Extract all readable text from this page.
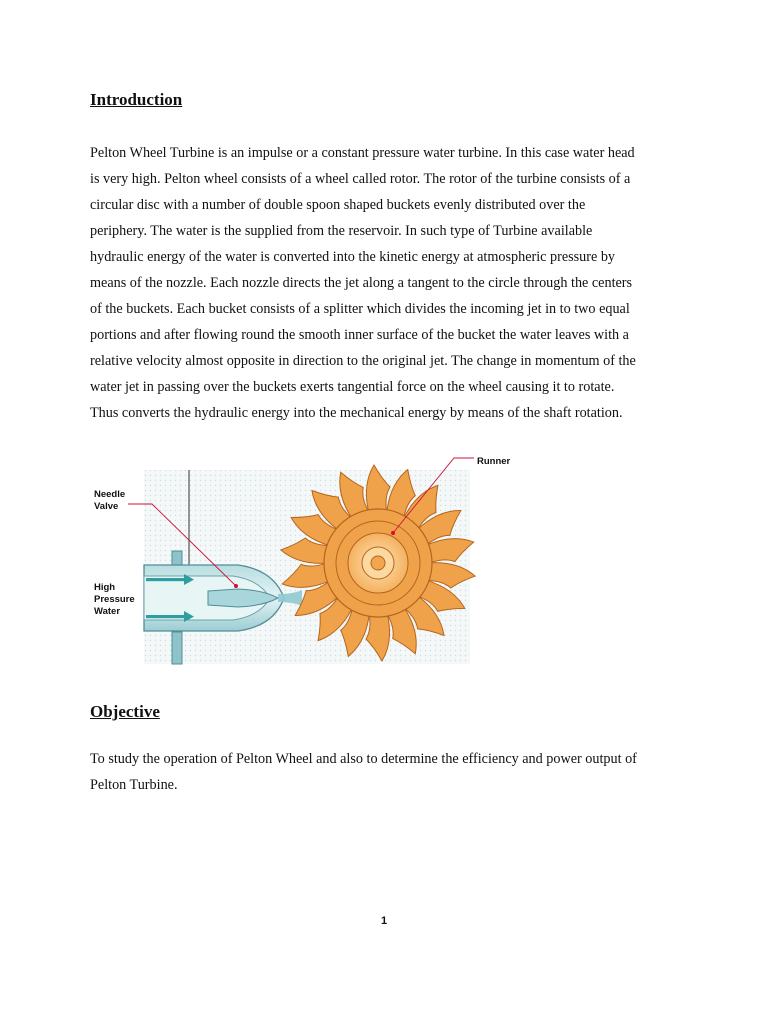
Introduction

Pelton Wheel Turbine is an impulse or a constant pressure water turbine. In this case water head
is very high. Pelton wheel consists of a wheel called rotor. The rotor of the turbine consists of a
circular disc with a number of double spoon shaped buckets evenly distributed over the
periphery. The water is the supplied from the reservoir. In such type of Turbine available
hydraulic energy of the water is converted into the kinetic energy at atmospheric pressure by
means of the nozzle. Each nozzle directs the jet along a tangent to the circle through the centers
of the buckets. Each bucket consists of a splitter which divides the incoming jet in to two equal
portions and after flowing round the smooth inner surface of the bucket the water leaves with a
relative velocity almost opposite in direction to the original jet. The change in momentum of the
water jet in passing over the buckets exerts tangential force on the wheel causing it to rotate.
Thus converts the hydraulic energy into the mechanical energy by means of the shaft rotation.

Runner
Needle
Valve
High
Pressure
Water
Objective

To study the operation of Pelton Wheel and also to determine the efficiency and power output of
Pelton Turbine.

1
